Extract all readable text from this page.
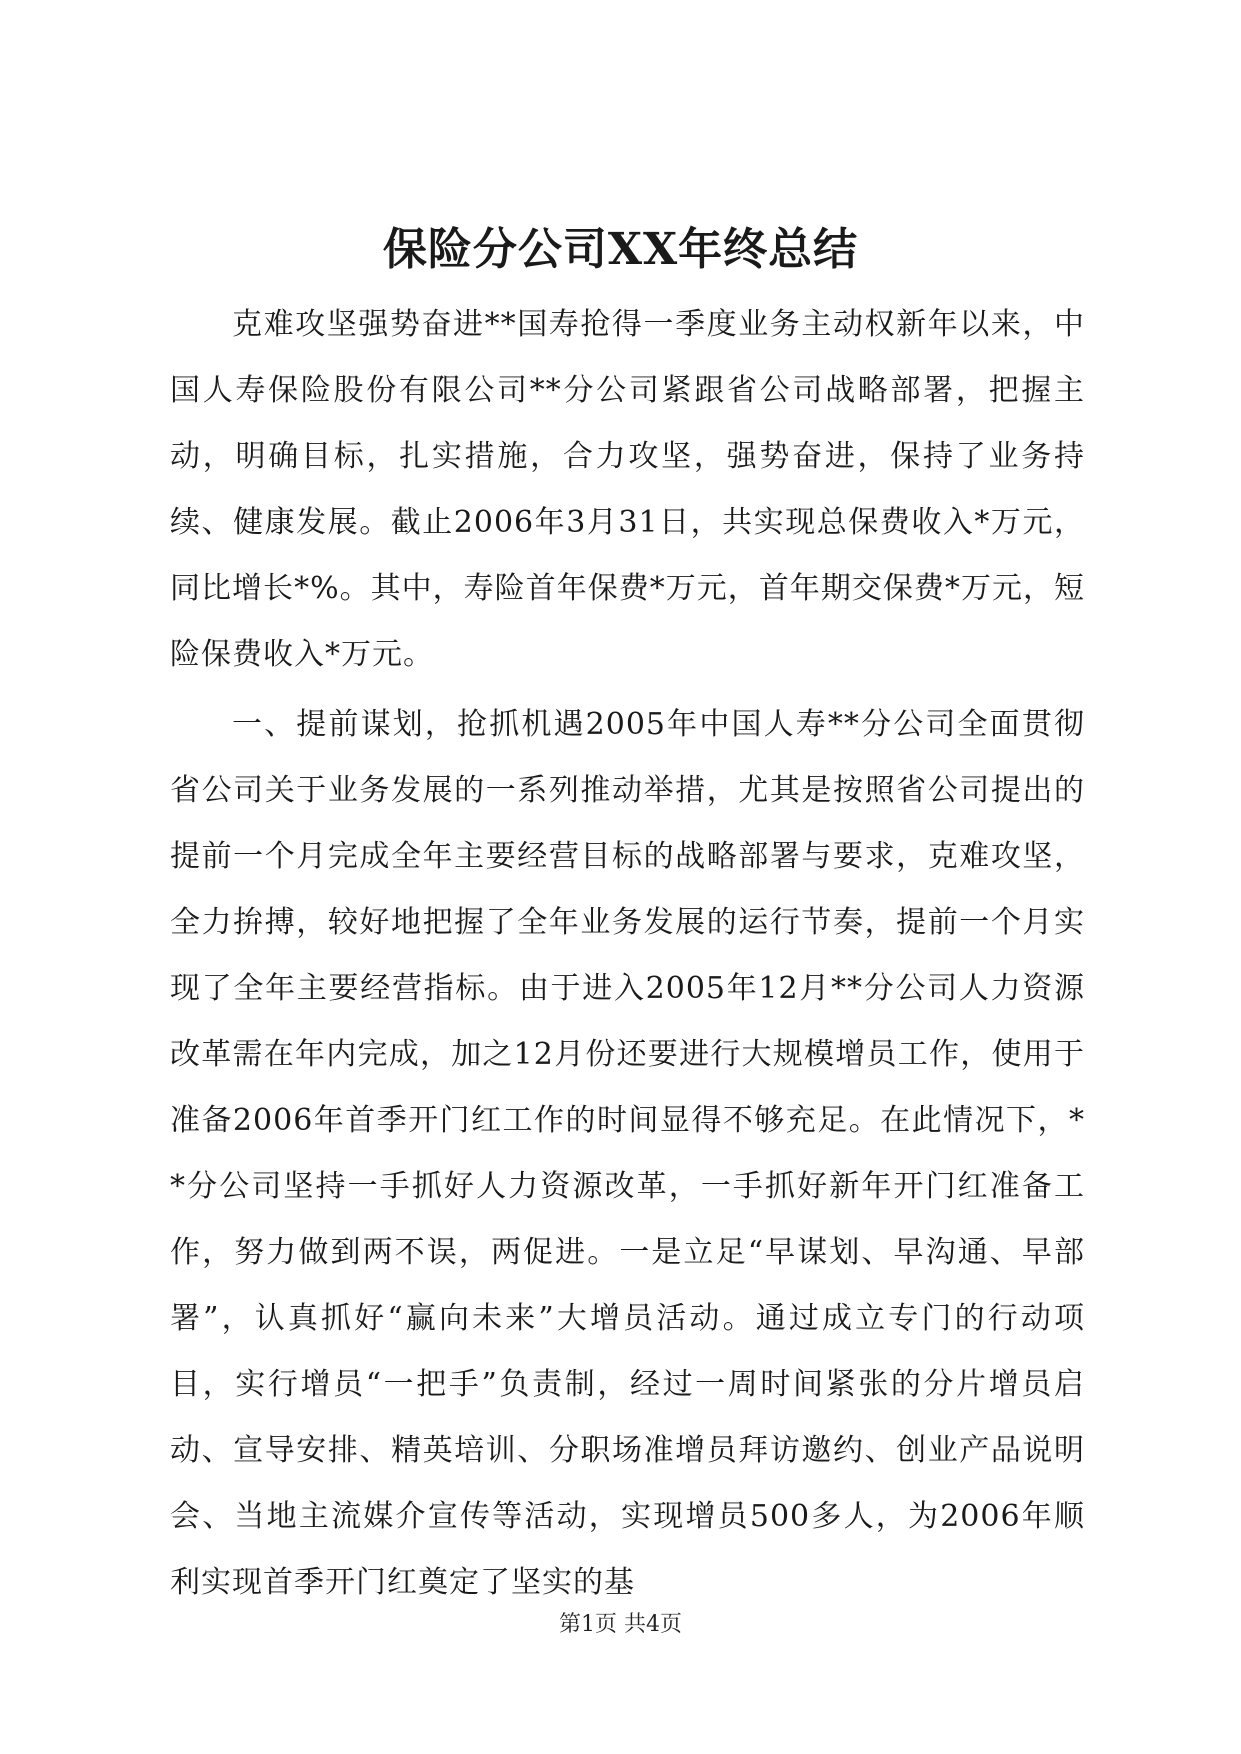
保险分公司XX年终总结

克难攻坚强势奋进**国寿抢得一季度业务主动权新年以来，中国人寿保险股份有限公司**分公司紧跟省公司战略部署，把握主动，明确目标，扎实措施，合力攻坚，强势奋进，保持了业务持续、健康发展。截止2006年3月31日，共实现总保费收入*万元，同比增长*%。其中，寿险首年保费*万元，首年期交保费*万元，短险保费收入*万元。

一、提前谋划，抢抓机遇2005年中国人寿**分公司全面贯彻省公司关于业务发展的一系列推动举措，尤其是按照省公司提出的提前一个月完成全年主要经营目标的战略部署与要求，克难攻坚，全力拚搏，较好地把握了全年业务发展的运行节奏，提前一个月实现了全年主要经营指标。由于进入2005年12月**分公司人力资源改革需在年内完成，加之12月份还要进行大规模增员工作，使用于准备2006年首季开门红工作的时间显得不够充足。在此情况下，**分公司坚持一手抓好人力资源改革，一手抓好新年开门红准备工作，努力做到两不误，两促进。一是立足“早谋划、早沟通、早部署”，认真抓好“赢向未来”大增员活动。通过成立专门的行动项目，实行增员“一把手”负责制，经过一周时间紧张的分片增员启动、宣导安排、精英培训、分职场准增员拜访邀约、创业产品说明会、当地主流媒介宣传等活动，实现增员500多人，为2006年顺利实现首季开门红奠定了坚实的基

第1页 共4页
